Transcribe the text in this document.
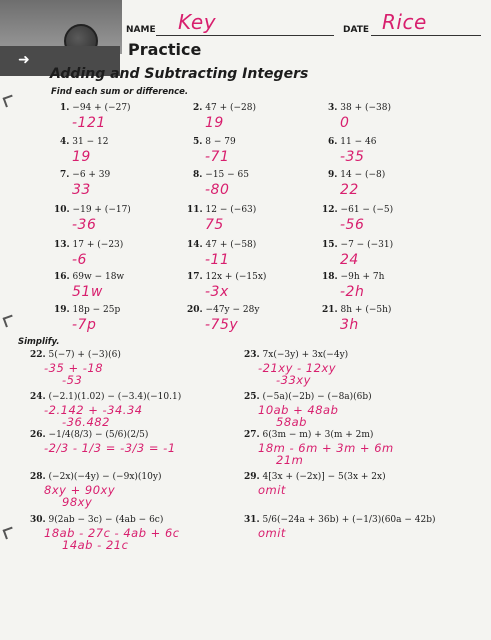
➜
NAME Key	DATE Rice
Practice
Adding and Subtracting Integers
Find each sum or difference.
Simplify.
1. −94 + (−27)
-121
2. 47 + (−28)
19
3. 38 + (−38)
0
4. 31 − 12
19
5. 8 − 79
-71
6. 11 − 46
-35
7. −6 + 39
33
8. −15 − 65
-80
9. 14 − (−8)
22
10. −19 + (−17)
-36
11. 12 − (−63)
75
12. −61 − (−5)
-56
13. 17 + (−23)
-6
14. 47 + (−58)
-11
15. −7 − (−31)
24
16. 69w − 18w
51w
17. 12x + (−15x)
-3x
18. −9h + 7h
-2h
19. 18p − 25p
-7p
20. −47y − 28y
-75y
21. 8h + (−5h)
3h
22. 5(−7) + (−3)(6)
-35 + -18
-53
23. 7x(−3y) + 3x(−4y)
-21xy - 12xy
-33xy
24. (−2.1)(1.02) − (−3.4)(−10.1)
-2.142 + -34.34
-36.482
25. (−5a)(−2b) − (−8a)(6b)
10ab + 48ab
58ab
26. −1/4(8/3) − (5/6)(2/5)
-2/3 - 1/3 = -3/3 = -1
27. 6(3m − m) + 3(m + 2m)
18m - 6m + 3m + 6m
21m
28. (−2x)(−4y) − (−9x)(10y)
8xy + 90xy
98xy
29. 4[3x + (−2x)] − 5(3x + 2x)
omit
30. 9(2ab − 3c) − (4ab − 6c)
18ab - 27c - 4ab + 6c
14ab - 21c
31. 5/6(−24a + 36b) + (−1/3)(60a − 42b)
omit
